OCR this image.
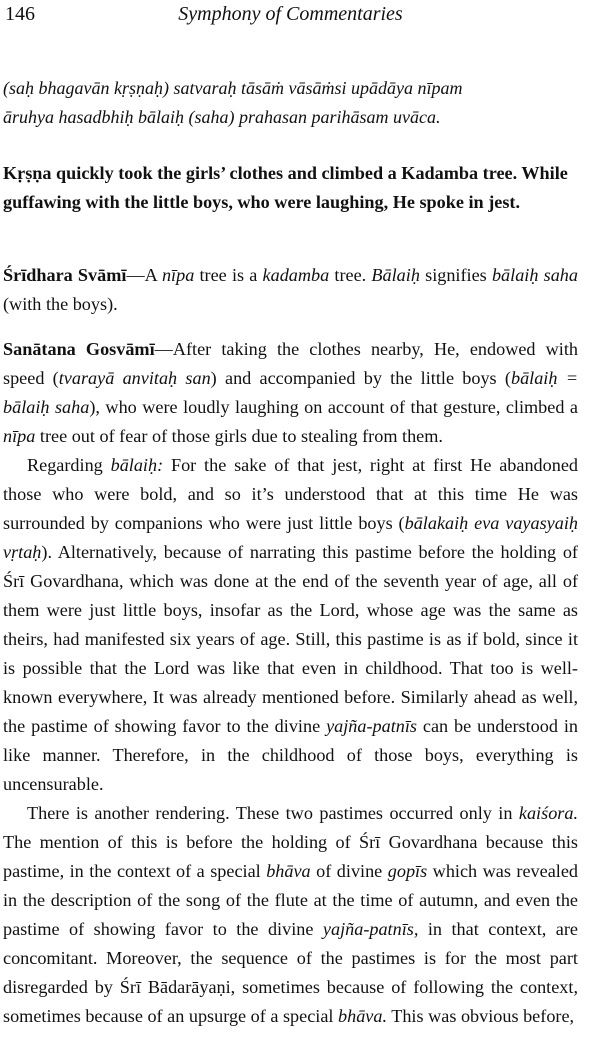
146	Symphony of Commentaries

(saḥ bhagavān kṛṣṇaḥ) satvaraḥ tāsāṁ vāsāṁsi upādāya nīpam
āruhya hasadbhiḥ bālaiḥ (saha) prahasan parihāsam uvāca.

Kṛṣṇa quickly took the girls’ clothes and climbed a Kadamba tree. While guffawing with the little boys, who were laughing, He spoke in jest.

Śrīdhara Svāmī—A nīpa tree is a kadamba tree. Bālaiḥ signifies bālaiḥ saha (with the boys).

Sanātana Gosvāmī—After taking the clothes nearby, He, endowed with speed (tvarayā anvitaḥ san) and accompanied by the little boys (bālaiḥ = bālaiḥ saha), who were loudly laughing on account of that gesture, climbed a nīpa tree out of fear of those girls due to stealing from them.

Regarding bālaiḥ: For the sake of that jest, right at first He abandoned those who were bold, and so it’s understood that at this time He was surrounded by companions who were just little boys (bālakaiḥ eva vayasyaiḥ vṛtaḥ). Alternatively, because of narrating this pastime before the holding of Śrī Govardhana, which was done at the end of the seventh year of age, all of them were just little boys, insofar as the Lord, whose age was the same as theirs, had manifested six years of age. Still, this pastime is as if bold, since it is possible that the Lord was like that even in childhood. That too is well-known everywhere, It was already mentioned before. Similarly ahead as well, the pastime of showing favor to the divine yajña-patnīs can be understood in like manner. Therefore, in the childhood of those boys, everything is uncensurable.

There is another rendering. These two pastimes occurred only in kaiśora. The mention of this is before the holding of Śrī Govardhana because this pastime, in the context of a special bhāva of divine gopīs which was revealed in the description of the song of the flute at the time of autumn, and even the pastime of showing favor to the divine yajña-patnīs, in that context, are concomitant. Moreover, the sequence of the pastimes is for the most part disregarded by Śrī Bādarāyaṇi, sometimes because of following the context, sometimes because of an upsurge of a special bhāva. This was obvious before,
